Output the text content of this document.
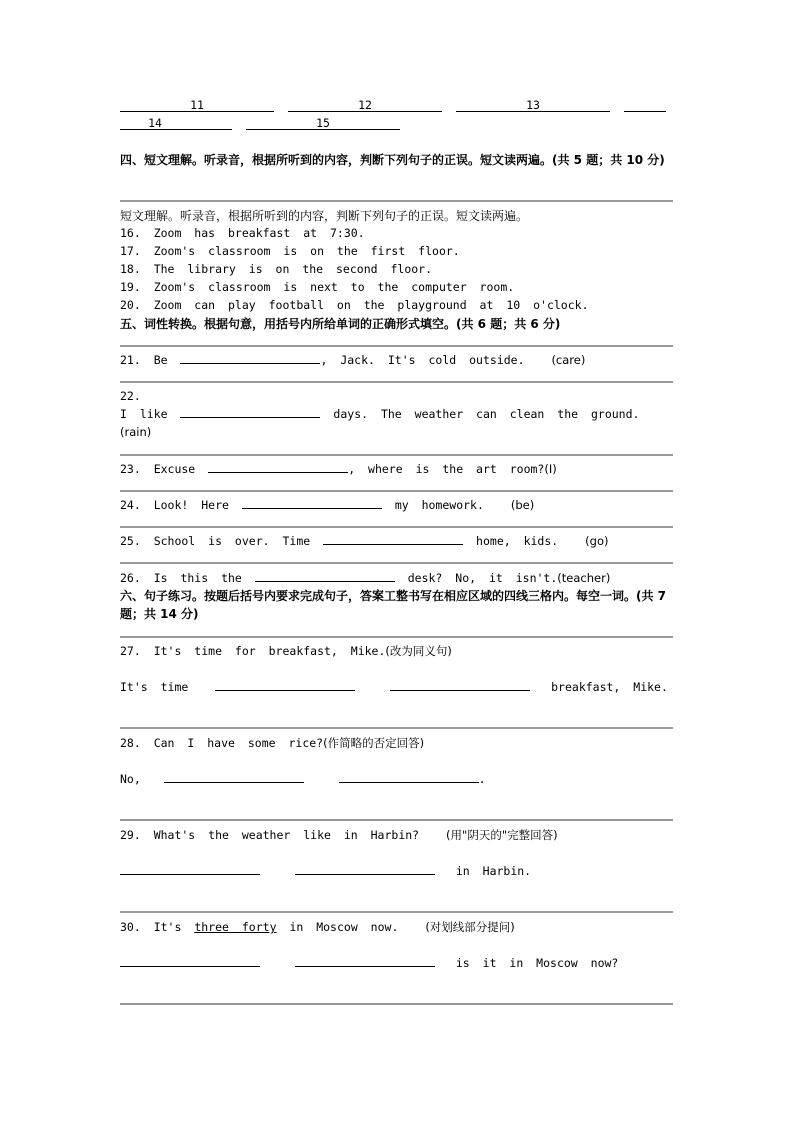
11	12	13
14	15
四、短文理解。听录音，根据所听到的内容，判断下列句子的正误。短文读两遍。(共 5 题；共 10 分)
短文理解。听录音，根据所听到的内容，判断下列句子的正误。短文读两遍。
16. Zoom has breakfast at 7:30.
17. Zoom's classroom is on the first floor.
18. The library is on the second floor.
19. Zoom's classroom is next to the computer room.
20. Zoom can play football on the playground at 10 o'clock.
五、词性转换。根据句意，用括号内所给单词的正确形式填空。(共 6 题；共 6 分)
21. Be	, Jack. It's cold outside. (care)
22.
I like	days. The weather can clean the ground.
(rain)
23. Excuse	, where is the art room?(I)
24. Look! Here	my homework. (be)
25. School is over. Time	home, kids. (go)
26. Is this the	desk? No, it isn't.(teacher)
六、句子练习。按题后括号内要求完成句子，答案工整书写在相应区域的四线三格内。每空一词。(共 7 题；共 14 分)
27. It's time for breakfast, Mike.(改为同义句)
It's time	breakfast, Mike.
28. Can I have some rice?(作简略的否定回答)
No,	.
29. What's the weather like in Harbin? (用"阴天的"完整回答)
in Harbin.
30. It's three forty in Moscow now. (对划线部分提问)
is it in Moscow now?
